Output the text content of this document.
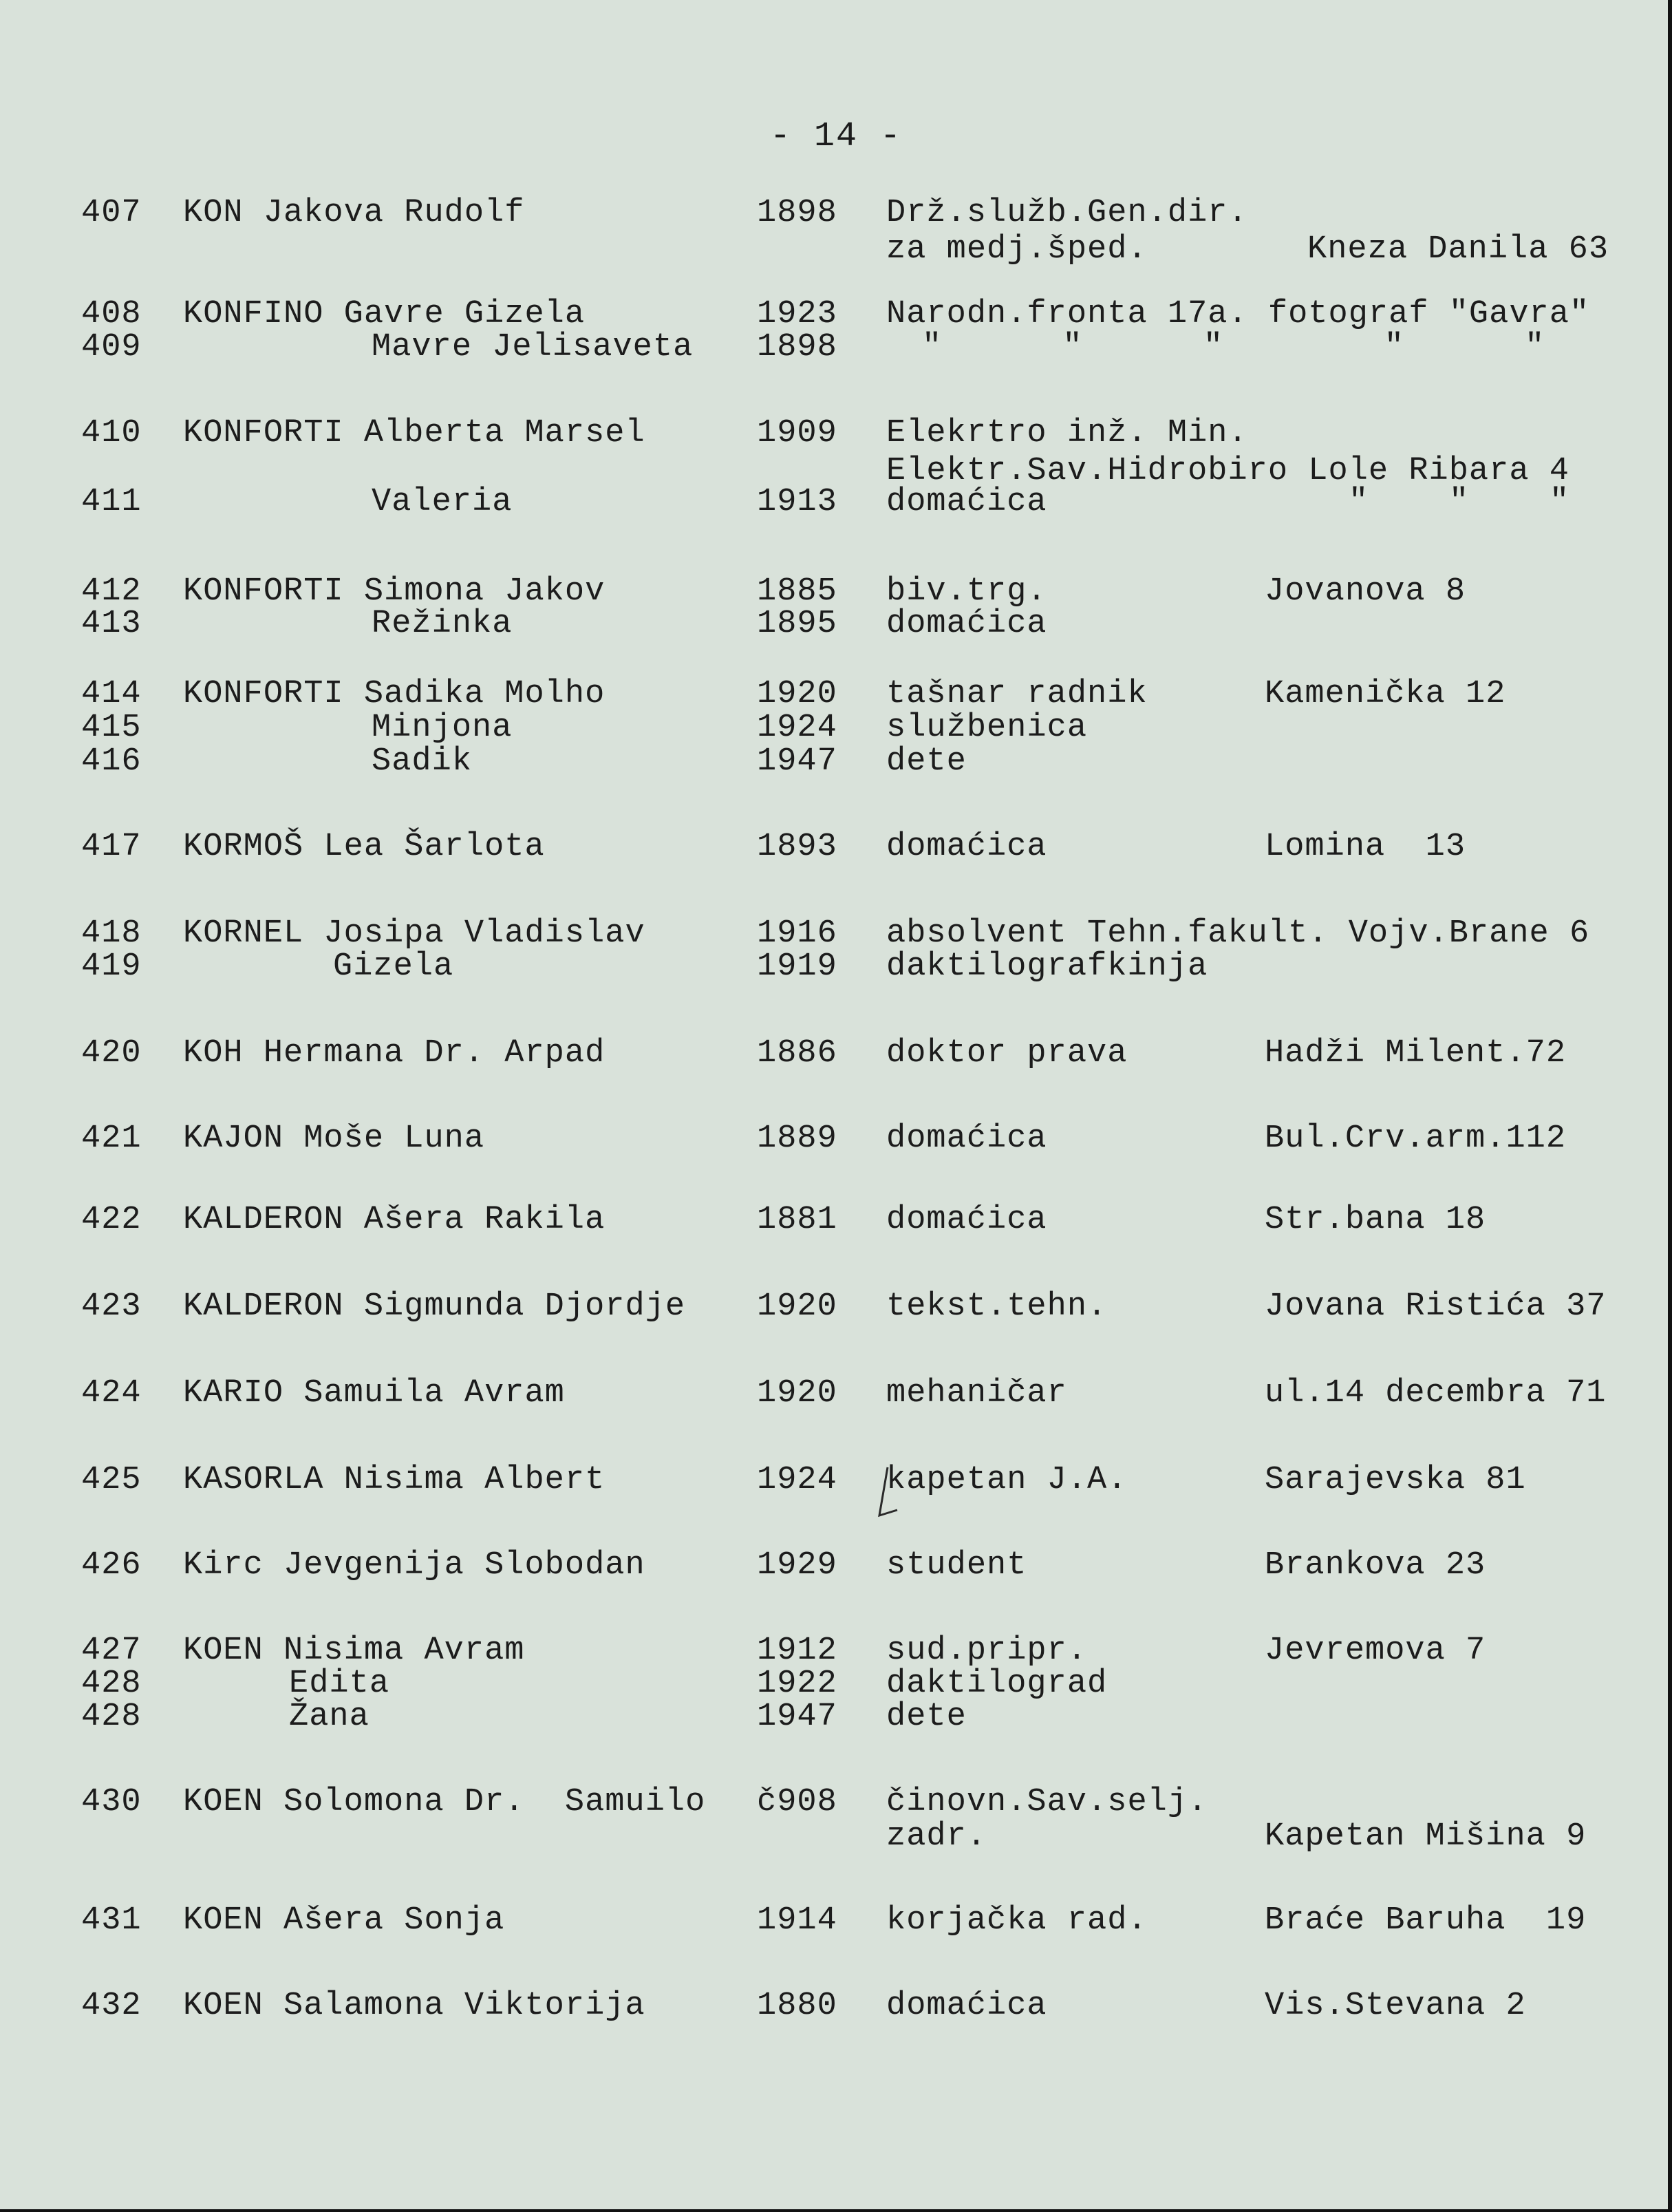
- 14 -
407 KON Jakova Rudolf	1898 Drž.služb.Gen.dir.
za medj.šped.	Kneza Danila 63
408 KONFINO Gavre Gizela	1923 Narodn.fronta 17a. fotograf "Gavra"
409	Mavre Jelisaveta 1898	"      "      "        "      "
410 KONFORTI Alberta Marsel	1909 Elekrtro inž. Min.
Elektr.Sav.Hidrobiro Lole Ribara 4
411	Valeria	1913 domaćica	"    "    "
412 KONFORTI Simona Jakov	1885 biv.trg.	Jovanova 8
413	Režinka	1895 domaćica
414 KONFORTI Sadika Molho	1920 tašnar radnik	Kamenička 12
415	Minjona	1924 službenica
416	Sadik	1947 dete
417 KORMOŠ Lea Šarlota	1893 domaćica	Lomina  13
418 KORNEL Josipa Vladislav	1916 absolvent Tehn.fakult. Vojv.Brane 6
419	Gizela	1919 daktilografkinja
420 KOH Hermana Dr. Arpad	1886 doktor prava	Hadži Milent.72
421 KAJON Moše Luna	1889 domaćica	Bul.Crv.arm.112
422 KALDERON Ašera Rakila	1881 domaćica	Str.bana 18
423 KALDERON Sigmunda Djordje 1920 tekst.tehn.	Jovana Ristića 37
424 KARIO Samuila Avram	1920 mehaničar	ul.14 decembra 71
425 KASORLA Nisima Albert	1924 kapetan J.A.	Sarajevska 81
426 Kirc Jevgenija Slobodan	1929 student	Brankova 23
427 KOEN Nisima Avram	1912 sud.pripr.	Jevremova 7
428	Edita	1922 daktilograd
428	Žana	1947 dete
430 KOEN Solomona Dr.  Samuilo č908 činovn.Sav.selj.
zadr.	Kapetan Mišina 9
431 KOEN Ašera Sonja	1914 korjačka rad.	Braće Baruha  19
432 KOEN Salamona Viktorija	1880 domaćica	Vis.Stevana 2
